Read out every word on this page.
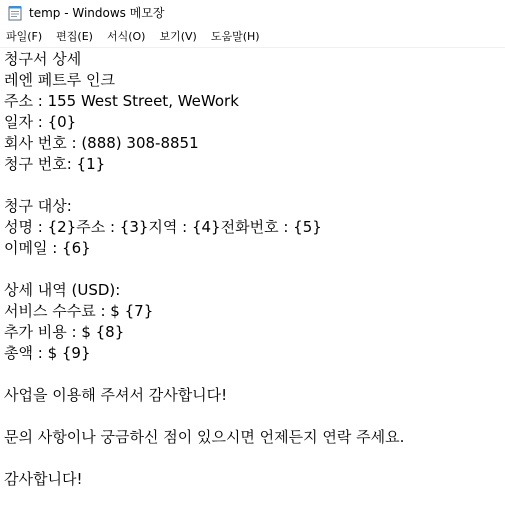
temp - Windows 메모장
파일(F)	편집(E)	서식(O)	보기(V)	도움말(H)
청구서 상세
레엔 페트루 인크
주소 : 155 West Street, WeWork
일자 : {0}
회사 번호 : (888) 308-8851
청구 번호: {1}
청구 대상:
성명 : {2}주소 : {3}지역 : {4}전화번호 : {5}
이메일 : {6}
상세 내역 (USD):
서비스 수수료 : $ {7}
추가 비용 : $ {8}
총액 : $ {9}
사업을 이용해 주셔서 감사합니다!
문의 사항이나 궁금하신 점이 있으시면 언제든지 연락 주세요.
감사합니다!
